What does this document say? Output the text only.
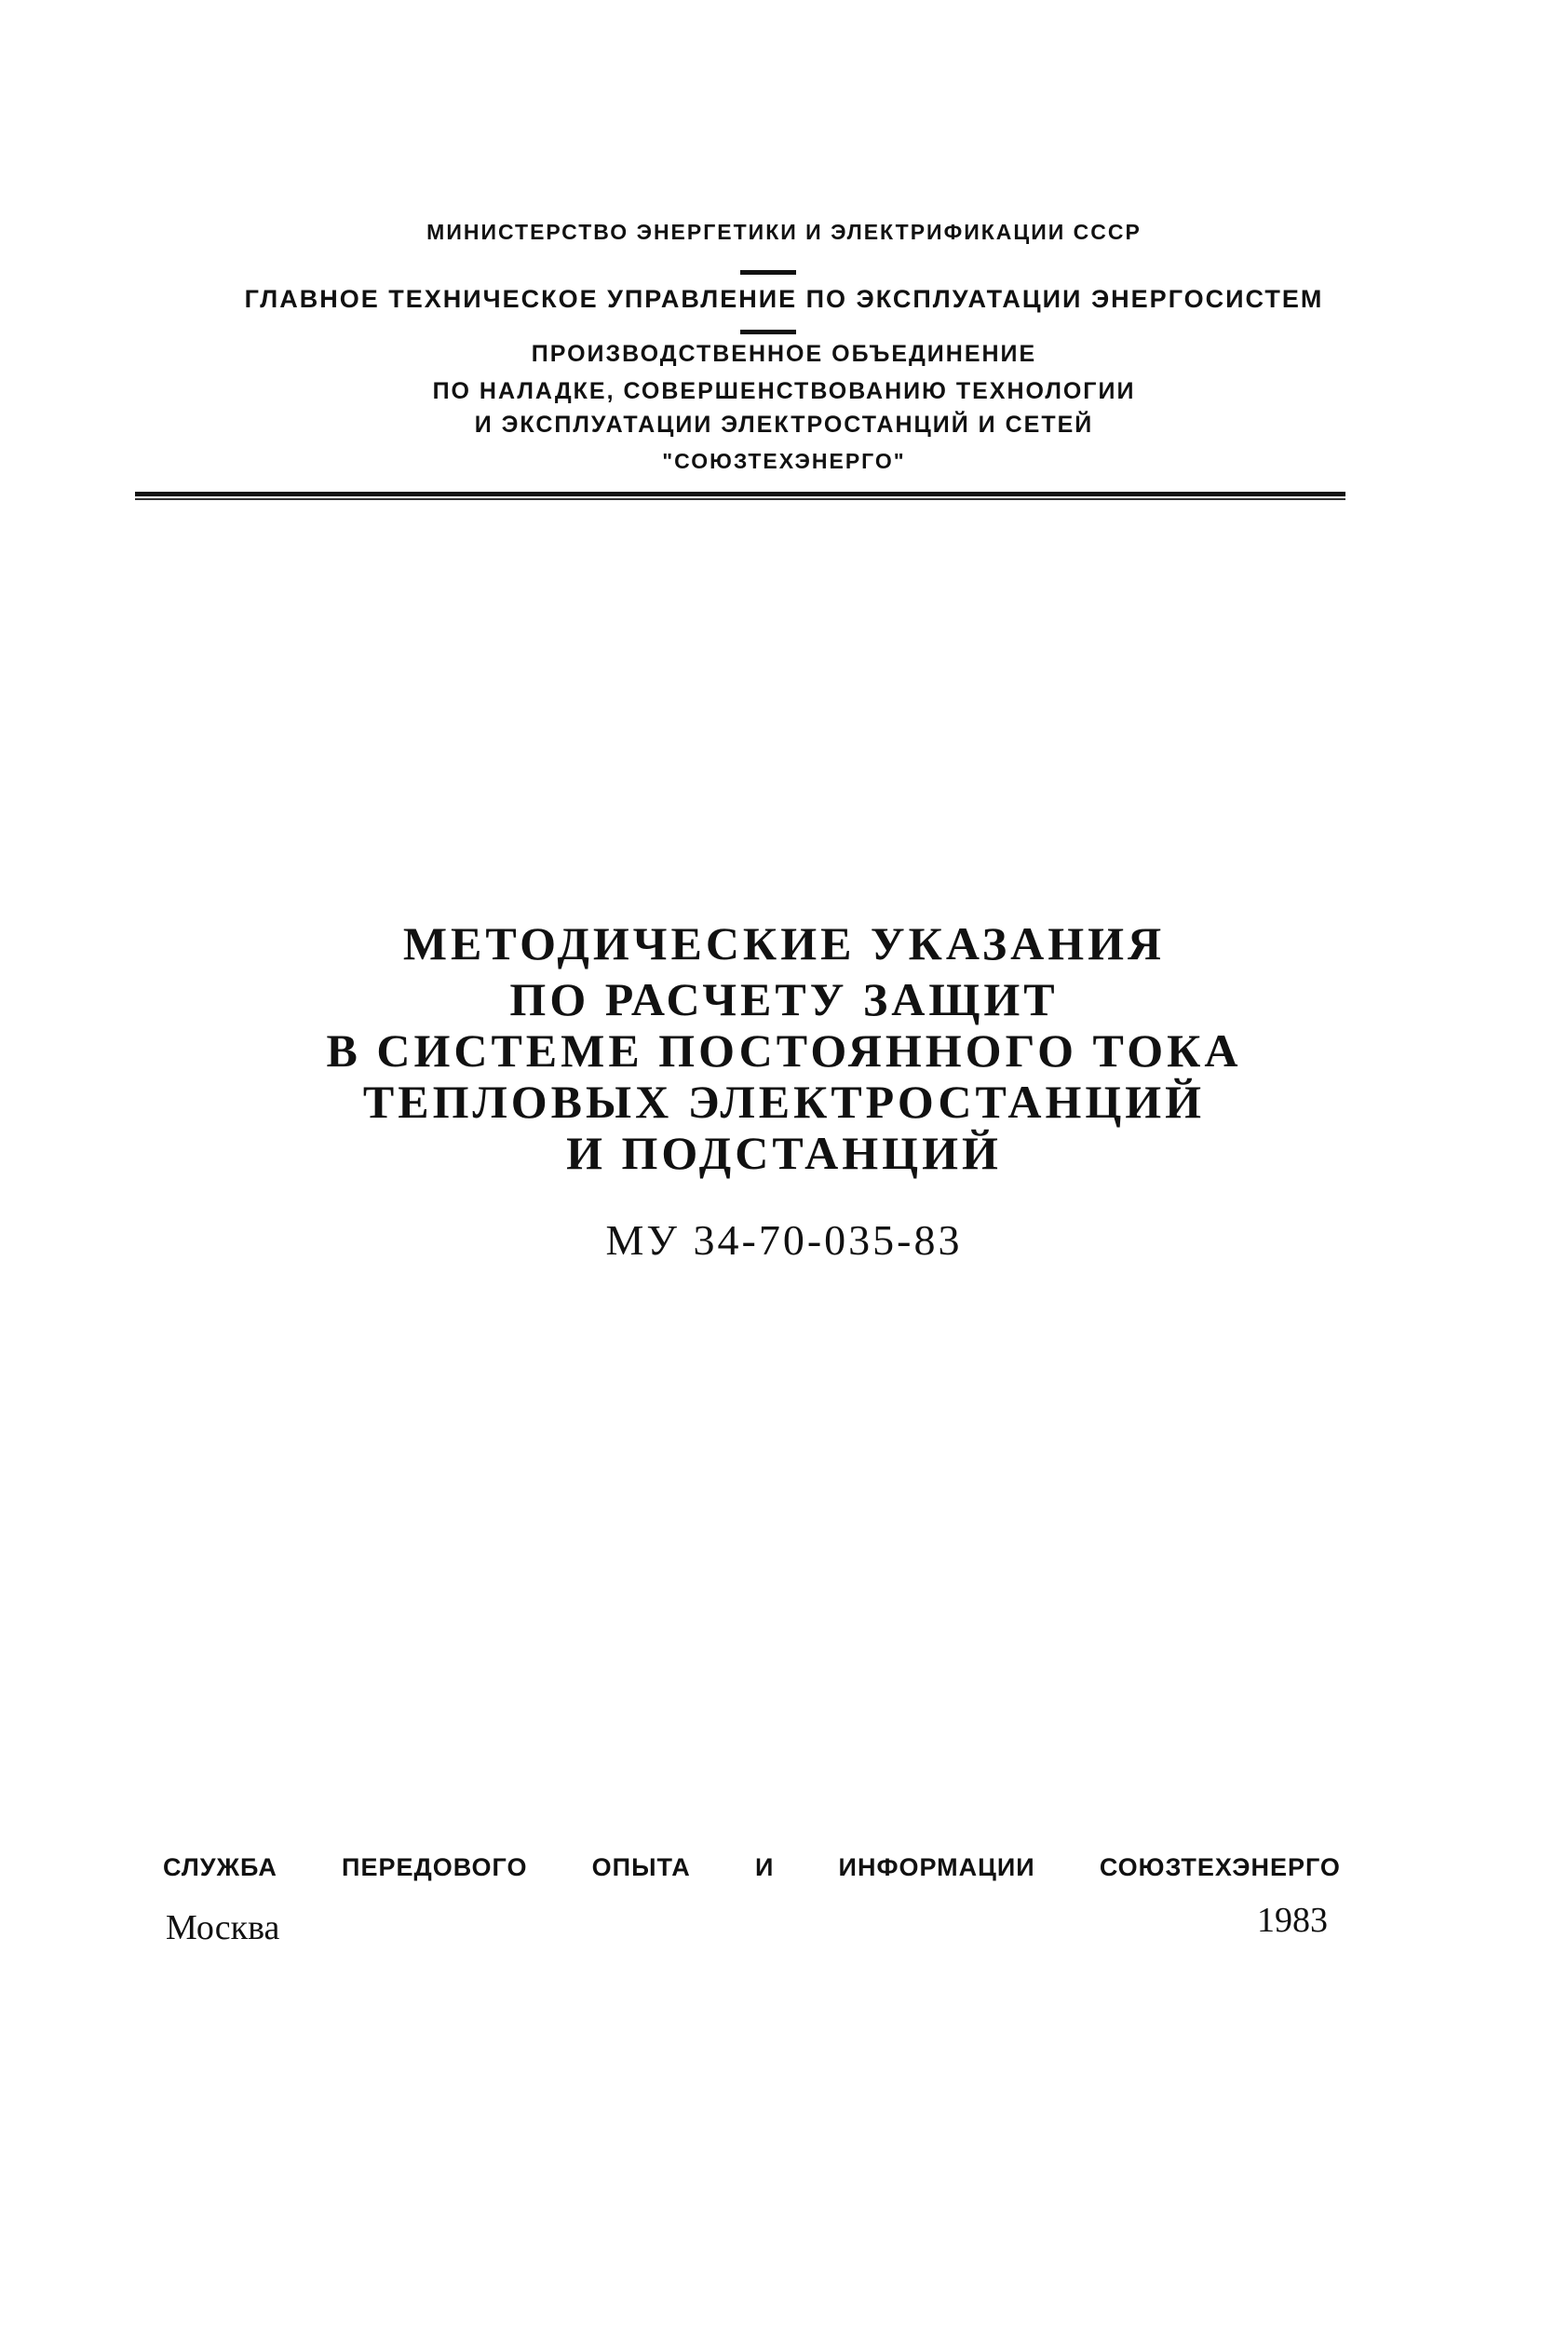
МИНИСТЕРСТВО ЭНЕРГЕТИКИ И ЭЛЕКТРИФИКАЦИИ СССР
ГЛАВНОЕ ТЕХНИЧЕСКОЕ УПРАВЛЕНИЕ ПО ЭКСПЛУАТАЦИИ ЭНЕРГОСИСТЕМ
ПРОИЗВОДСТВЕННОЕ ОБЪЕДИНЕНИЕ
ПО НАЛАДКЕ, СОВЕРШЕНСТВОВАНИЮ ТЕХНОЛОГИИ
И ЭКСПЛУАТАЦИИ ЭЛЕКТРОСТАНЦИЙ И СЕТЕЙ
"СОЮЗТЕХЭНЕРГО"
МЕТОДИЧЕСКИЕ УКАЗАНИЯ
ПО РАСЧЕТУ ЗАЩИТ
В СИСТЕМЕ ПОСТОЯННОГО ТОКА
ТЕПЛОВЫХ ЭЛЕКТРОСТАНЦИЙ
И ПОДСТАНЦИЙ
МУ 34-70-035-83
СЛУЖБА	ПЕРЕДОВОГО	ОПЫТА	И	ИНФОРМАЦИИ	СОЮЗТЕХЭНЕРГО
Москва	1983
